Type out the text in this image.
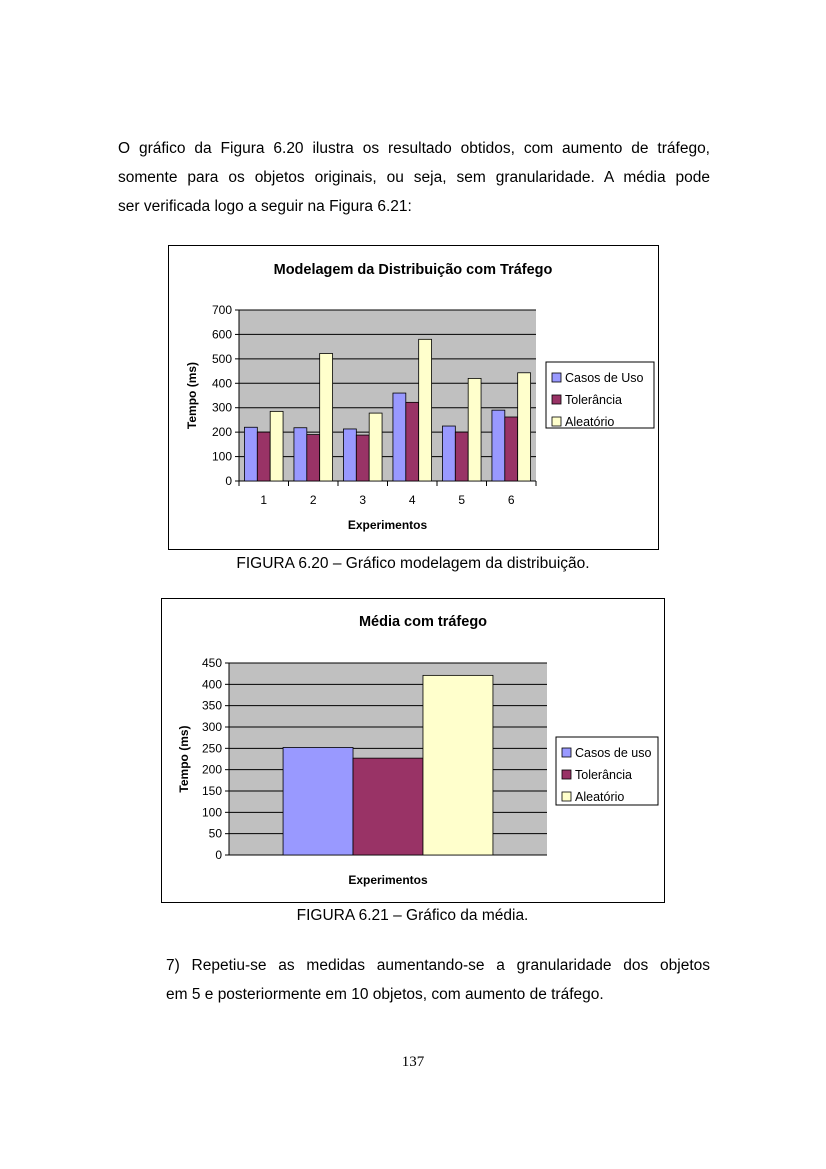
O gráfico da Figura 6.20 ilustra os resultado obtidos, com aumento de tráfego,
somente para os objetos originais, ou seja, sem granularidade. A média pode
ser verificada logo a seguir na Figura 6.21:
Modelagem da Distribuição com Tráfego
0
100
200
300
400
500
600
700
1	2	3	4	5	6
Experimentos
Tempo (ms)	Casos de Uso
Tolerância
Aleatório
FIGURA 6.20 – Gráfico modelagem da distribuição.
Média com tráfego
0
50
100
150
200
250
300
350
400
450
Experimentos
Tempo (ms)	Casos de uso
Tolerância
Aleatório
FIGURA 6.21 – Gráfico da média.
7) Repetiu-se as medidas aumentando-se a granularidade dos objetos
em 5 e posteriormente em 10 objetos, com aumento de tráfego.
137
